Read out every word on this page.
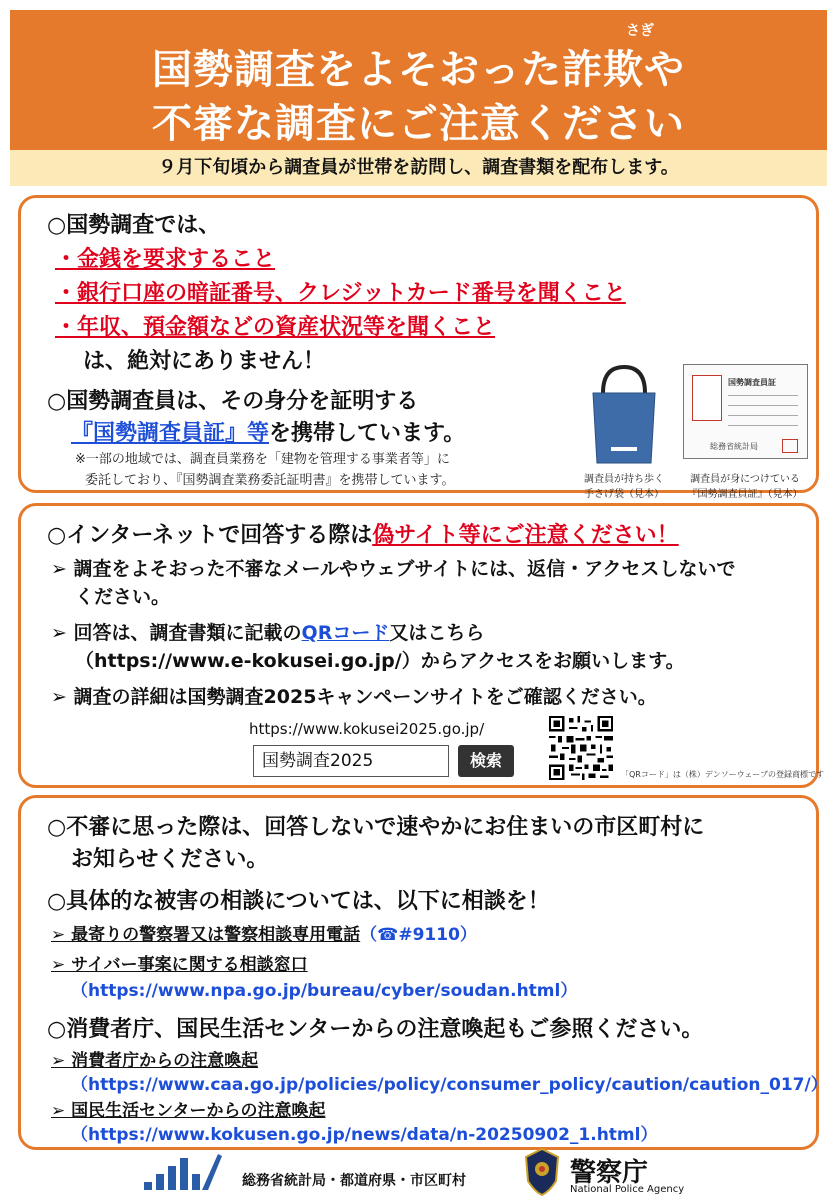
さぎ
国勢調査をよそおった詐欺や
不審な調査にご注意ください
９月下旬頃から調査員が世帯を訪問し、調査書類を配布します。
○国勢調査では、
・金銭を要求すること
・銀行口座の暗証番号、クレジットカード番号を聞くこと
・年収、預金額などの資産状況等を聞くこと
は、絶対にありません！
○国勢調査員は、その身分を証明する
『国勢調査員証』等を携帯しています。
※一部の地域では、調査員業務を「建物を管理する事業者等」に
委託しており、『国勢調査業務委託証明書』を携帯しています。	調査員が持ち歩く
手さげ袋（見本）
国勢調査員証
総務省統計局
調査員が身につけている
『国勢調査員証』（見本）
○インターネットで回答する際は偽サイト等にご注意ください！
➢ 調査をよそおった不審なメールやウェブサイトには、返信・アクセスしないで
ください。
➢ 回答は、調査書類に記載のQRコード又はこちら
（https://www.e-kokusei.go.jp/）からアクセスをお願いします。
➢ 調査の詳細は国勢調査2025キャンペーンサイトをご確認ください。
https://www.kokusei2025.go.jp/
国勢調査2025	検索
「QRコード」は（株）デンソーウェーブの登録商標です
○不審に思った際は、回答しないで速やかにお住まいの市区町村に
お知らせください。
○具体的な被害の相談については、以下に相談を！
➢ 最寄りの警察署又は警察相談専用電話（☎#9110）
➢ サイバー事案に関する相談窓口
（https://www.npa.go.jp/bureau/cyber/soudan.html）
○消費者庁、国民生活センターからの注意喚起もご参照ください。
➢ 消費者庁からの注意喚起
（https://www.caa.go.jp/policies/policy/consumer_policy/caution/caution_017/）
➢ 国民生活センターからの注意喚起
（https://www.kokusen.go.jp/news/data/n-20250902_1.html）
総務省統計局・都道府県・市区町村	警察庁
National Police Agency
